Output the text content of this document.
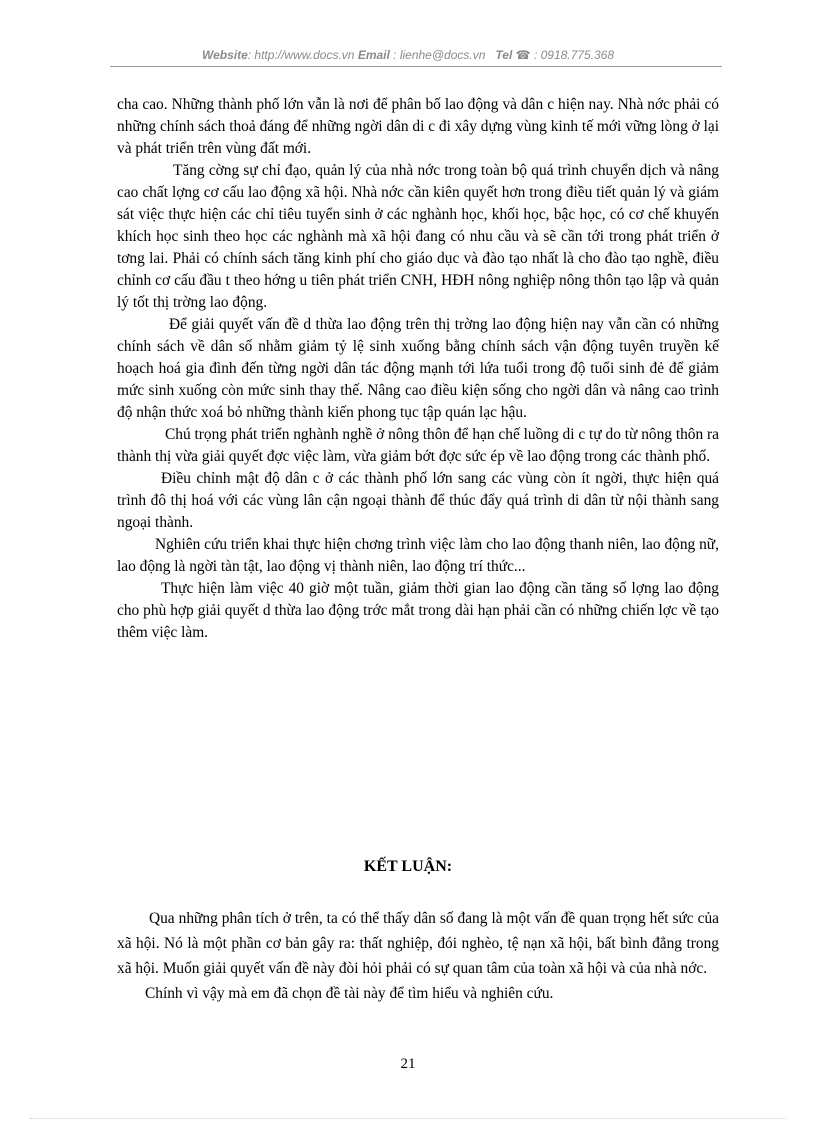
Website: http://www.docs.vn Email : lienhe@docs.vn Tel ☎ : 0918.775.368

cha cao. Những thành phố lớn vẫn là nơi để phân bố lao động và dân c hiện nay. Nhà nớc phải có những chính sách thoả đáng để những ngời dân di c đi xây dựng vùng kinh tế mới vững lòng ở lại và phát triển trên vùng đất mới.

Tăng cờng sự chỉ đạo, quản lý của nhà nớc trong toàn bộ quá trình chuyển dịch và nâng cao chất lợng cơ cấu lao động xã hội. Nhà nớc cần kiên quyết hơn trong điều tiết quản lý và giám sát việc thực hiện các chỉ tiêu tuyển sinh ở các nghành học, khối học, bậc học, có cơ chế khuyến khích học sinh theo học các nghành mà xã hội đang có nhu cầu và sẽ cần tới trong phát triển ở tơng lai. Phải có chính sách tăng kinh phí cho giáo dục và đào tạo nhất là cho đào tạo nghề, điều chỉnh cơ cấu đầu t theo hớng u tiên phát triển CNH, HĐH nông nghiệp nông thôn tạo lập và quản lý tốt thị trờng lao động.

Để giải quyết vấn đề d thừa lao động trên thị trờng lao động hiện nay vẫn cần có những chính sách về dân số nhằm giảm tỷ lệ sinh xuống bằng chính sách vận động tuyên truyền kế hoạch hoá gia đình đến từng ngời dân tác động mạnh tới lứa tuổi trong độ tuổi sinh đẻ để giảm mức sinh xuống còn mức sinh thay thế. Nâng cao điều kiện sống cho ngời dân và nâng cao trình độ nhận thức xoá bỏ những thành kiến phong tục tập quán lạc hậu.

Chú trọng phát triển nghành nghề ở nông thôn để hạn chế luồng di c tự do từ nông thôn ra thành thị vừa giải quyết đợc việc làm, vừa giảm bớt đợc sức ép về lao động trong các thành phố.

Điều chỉnh mật độ dân c ở các thành phố lớn sang các vùng còn ít ngời, thực hiện quá trình đô thị hoá với các vùng lân cận ngoại thành để thúc đẩy quá trình di dân từ nội thành sang ngoại thành.

Nghiên cứu triển khai thực hiện chơng trình việc làm cho lao động thanh niên, lao động nữ, lao động là ngời tàn tật, lao động vị thành niên, lao động trí thức...

Thực hiện làm việc 40 giờ một tuần, giảm thời gian lao động cần tăng số lợng lao động cho phù hợp giải quyết d thừa lao động trớc mắt trong dài hạn phải cần có những chiến lợc về tạo thêm việc làm.

KẾT LUẬN:

Qua những phân tích ở trên, ta có thể thấy dân số đang là một vấn đề quan trọng hết sức của xã hội. Nó là một phần cơ bản gây ra: thất nghiệp, đói nghèo, tệ nạn xã hội, bất bình đẳng trong xã hội. Muốn giải quyết vấn đề này đòi hỏi phải có sự quan tâm của toàn xã hội và của nhà nớc.

Chính vì vậy mà em đã chọn đề tài này để tìm hiểu và nghiên cứu.

21
